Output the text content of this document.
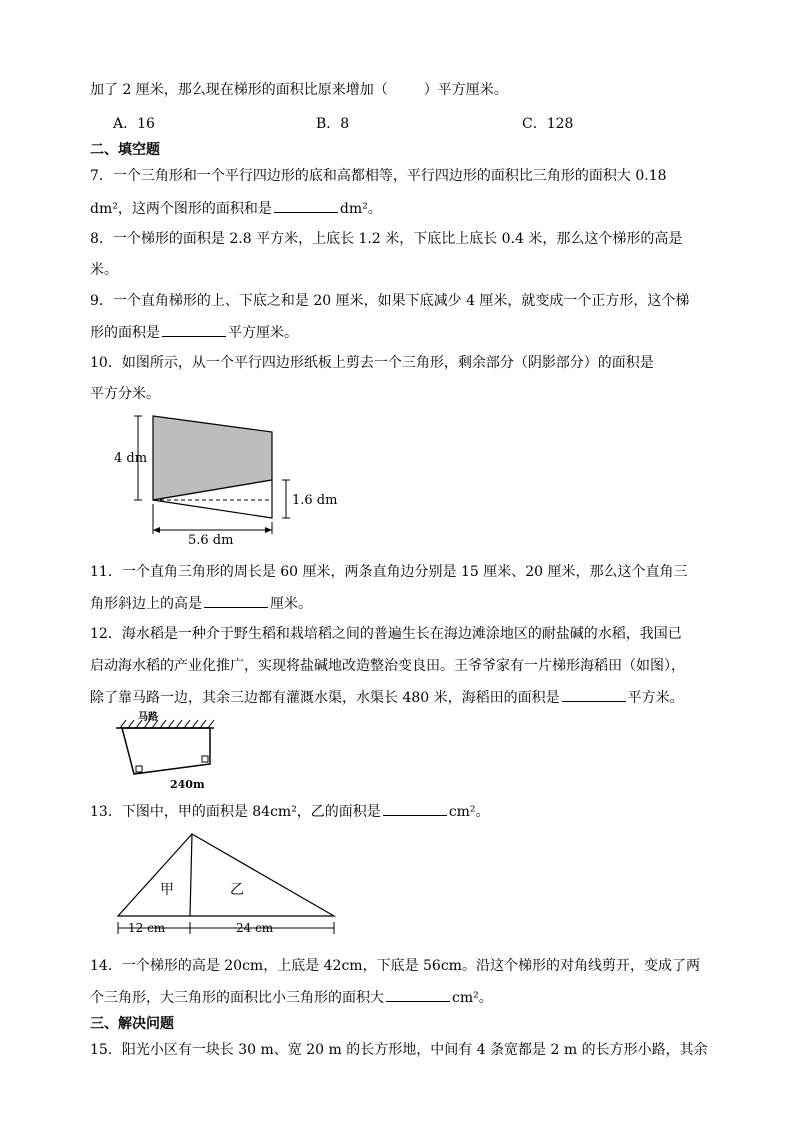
加了 2 厘米，那么现在梯形的面积比原来增加（	）平方厘米。
A．16	B．8	C．128
二、填空题
7．一个三角形和一个平行四边形的底和高都相等，平行四边形的面积比三角形的面积大 0.18
dm²，这两个图形的面积和是	dm²。
8．一个梯形的面积是 2.8 平方米，上底长 1.2 米，下底比上底长 0.4 米，那么这个梯形的高是
米。
9．一个直角梯形的上、下底之和是 20 厘米，如果下底减少 4 厘米，就变成一个正方形，这个梯
形的面积是	平方厘米。
10．如图所示，从一个平行四边形纸板上剪去一个三角形，剩余部分（阴影部分）的面积是
平方分米。
4 dm
1.6 dm
5.6 dm
11．一个直角三角形的周长是 60 厘米，两条直角边分别是 15 厘米、20 厘米，那么这个直角三
角形斜边上的高是	厘米。
12．海水稻是一种介于野生稻和栽培稻之间的普遍生长在海边滩涂地区的耐盐碱的水稻，我国已
启动海水稻的产业化推广，实现将盐碱地改造整治变良田。王爷爷家有一片梯形海稻田（如图），
除了靠马路一边，其余三边都有灌溉水渠，水渠长 480 米，海稻田的面积是	平方米。
马路
240m
13．下图中，甲的面积是 84cm²，乙的面积是	cm²。
甲	乙
12 cm	24 cm
14．一个梯形的高是 20cm，上底是 42cm，下底是 56cm。沿这个梯形的对角线剪开，变成了两
个三角形，大三角形的面积比小三角形的面积大	cm²。
三、解决问题
15．阳光小区有一块长 30 m、宽 20 m 的长方形地，中间有 4 条宽都是 2 m 的长方形小路，其余
